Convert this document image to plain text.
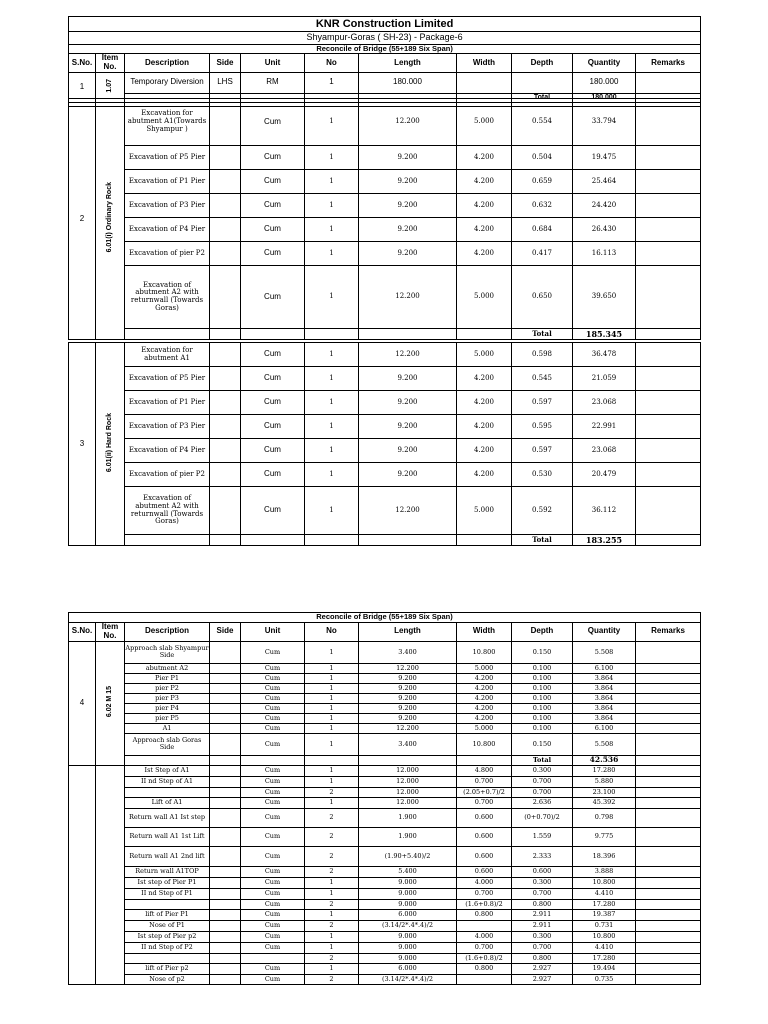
KNR Construction Limited										
Shyampur-Goras ( SH-23) - Package-6										
Reconcile of Bridge (55+189 Six Span)										
S.No.	Item No.	Description	Side	Unit	No	Length	Width	Depth	Quantity	Remarks
1	1.07	Temporary Diversion	LHS	RM	1	180.000			180.000	
								Total	180.000	

2	6.01(i) Ordinary Rock	Excavation for abutment A1(Towards Shyampur )		Cum	1	12.200	5.000	0.554	33.794	
		Excavation of P5 Pier		Cum	1	9.200	4.200	0.504	19.475	
		Excavation of P1 Pier		Cum	1	9.200	4.200	0.659	25.464	
		Excavation of P3 Pier		Cum	1	9.200	4.200	0.632	24.420	
		Excavation of P4 Pier		Cum	1	9.200	4.200	0.684	26.430	
		Excavation of pier P2		Cum	1	9.200	4.200	0.417	16.113	
		Excavation of abutment A2 with returnwall (Towards Goras)		Cum	1	12.200	5.000	0.650	39.650	
								Total	185.345	
3	6.01(ii) Hard Rock	Excavation for abutment A1		Cum	1	12.200	5.000	0.598	36.478	
		Excavation of P5 Pier		Cum	1	9.200	4.200	0.545	21.059	
		Excavation of P1 Pier		Cum	1	9.200	4.200	0.597	23.068	
		Excavation of P3 Pier		Cum	1	9.200	4.200	0.595	22.991	
		Excavation of P4 Pier		Cum	1	9.200	4.200	0.597	23.068	
		Excavation of pier P2		Cum	1	9.200	4.200	0.530	20.479	
		Excavation of abutment A2 with returnwall (Towards Goras)		Cum	1	12.200	5.000	0.592	36.112	
								Total	183.255	
Reconcile of Bridge (55+189 Six Span)										
S.No.	Item No.	Description	Side	Unit	No	Length	Width	Depth	Quantity	Remarks
4	6.02 M 15	Approach slab Shyampur Side		Cum	1	3.400	10.800	0.150	5.508	
		abutment A2		Cum	1	12.200	5.000	0.100	6.100	
		Pier P1		Cum	1	9.200	4.200	0.100	3.864	
		pier P2		Cum	1	9.200	4.200	0.100	3.864	
		pier P3		Cum	1	9.200	4.200	0.100	3.864	
		pier P4		Cum	1	9.200	4.200	0.100	3.864	
		pier P5		Cum	1	9.200	4.200	0.100	3.864	
		A1		Cum	1	12.200	5.000	0.100	6.100	
		Approach slab Goras Side		Cum	1	3.400	10.800	0.150	5.508	
								Total	42.536	
		Ist Step of A1		Cum	1	12.000	4.800	0.300	17.280	
		II nd Step of A1		Cum	1	12.000	0.700	0.700	5.880	
				Cum	2	12.000	(2.05+0.7)/2	0.700	23.100	
		Lift of A1		Cum	1	12.000	0.700	2.636	45.392	
		Return wall A1 Ist step		Cum	2	1.900	0.600	(0+0.70)/2	0.798	
		Return wall A1 1st Lift		Cum	2	1.900	0.600	1.559	9.775	
		Return wall A1 2nd lift		Cum	2	(1.90+5.40)/2	0.600	2.333	18.396	
		Return wall A1TOP		Cum	2	5.400	0.600	0.600	3.888	
		Ist step of Pier P1		Cum	1	9.000	4.000	0.300	10.800	
		II nd Step of P1		Cum	1	9.000	0.700	0.700	4.410	
				Cum	2	9.000	(1.6+0.8)/2	0.800	17.280	
		lift of Pier P1		Cum	1	6.000	0.800	2.911	19.387	
		Nose of P1		Cum	2	(3.14/2*.4*.4)/2		2.911	0.731	
		Ist step of Pier p2		Cum	1	9.000	4.000	0.300	10.800	
		II nd Step of P2		Cum	1	9.000	0.700	0.700	4.410	
					2	9.000	(1.6+0.8)/2	0.800	17.280	
		lift of Pier p2		Cum	1	6.000	0.800	2.927	19.494	
		Nose of p2		Cum	2	(3.14/2*.4*.4)/2		2.927	0.735	
